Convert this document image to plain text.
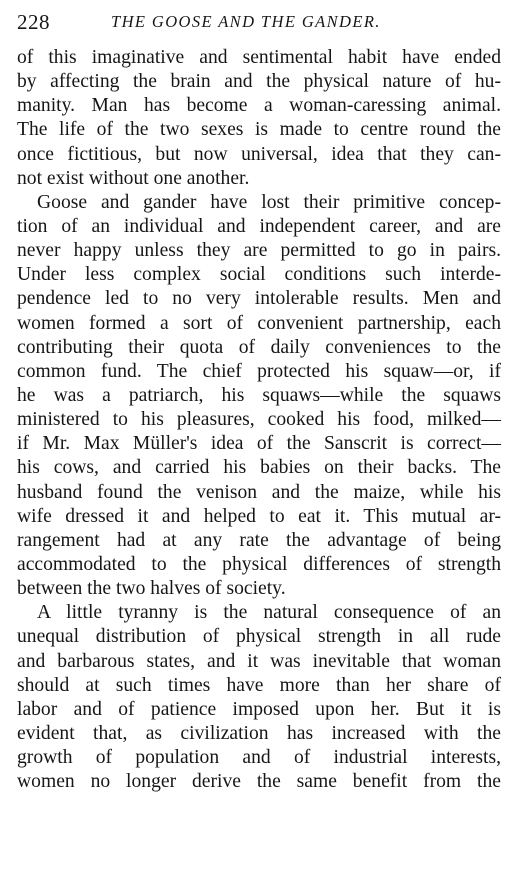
228	THE GOOSE AND THE GANDER.
of this imaginative and sentimental habit have ended
by affecting the brain and the physical nature of hu-
manity. Man has become a woman-caressing animal.
The life of the two sexes is made to centre round the
once fictitious, but now universal, idea that they can-
not exist without one another.
Goose and gander have lost their primitive concep-
tion of an individual and independent career, and are
never happy unless they are permitted to go in pairs.
Under less complex social conditions such interde-
pendence led to no very intolerable results. Men and
women formed a sort of convenient partnership, each
contributing their quota of daily conveniences to the
common fund. The chief protected his squaw—or, if
he was a patriarch, his squaws—while the squaws
ministered to his pleasures, cooked his food, milked—
if Mr. Max Müller's idea of the Sanscrit is correct—
his cows, and carried his babies on their backs. The
husband found the venison and the maize, while his
wife dressed it and helped to eat it. This mutual ar-
rangement had at any rate the advantage of being
accommodated to the physical differences of strength
between the two halves of society.
A little tyranny is the natural consequence of an
unequal distribution of physical strength in all rude
and barbarous states, and it was inevitable that woman
should at such times have more than her share of
labor and of patience imposed upon her. But it is
evident that, as civilization has increased with the
growth of population and of industrial interests,
women no longer derive the same benefit from the
